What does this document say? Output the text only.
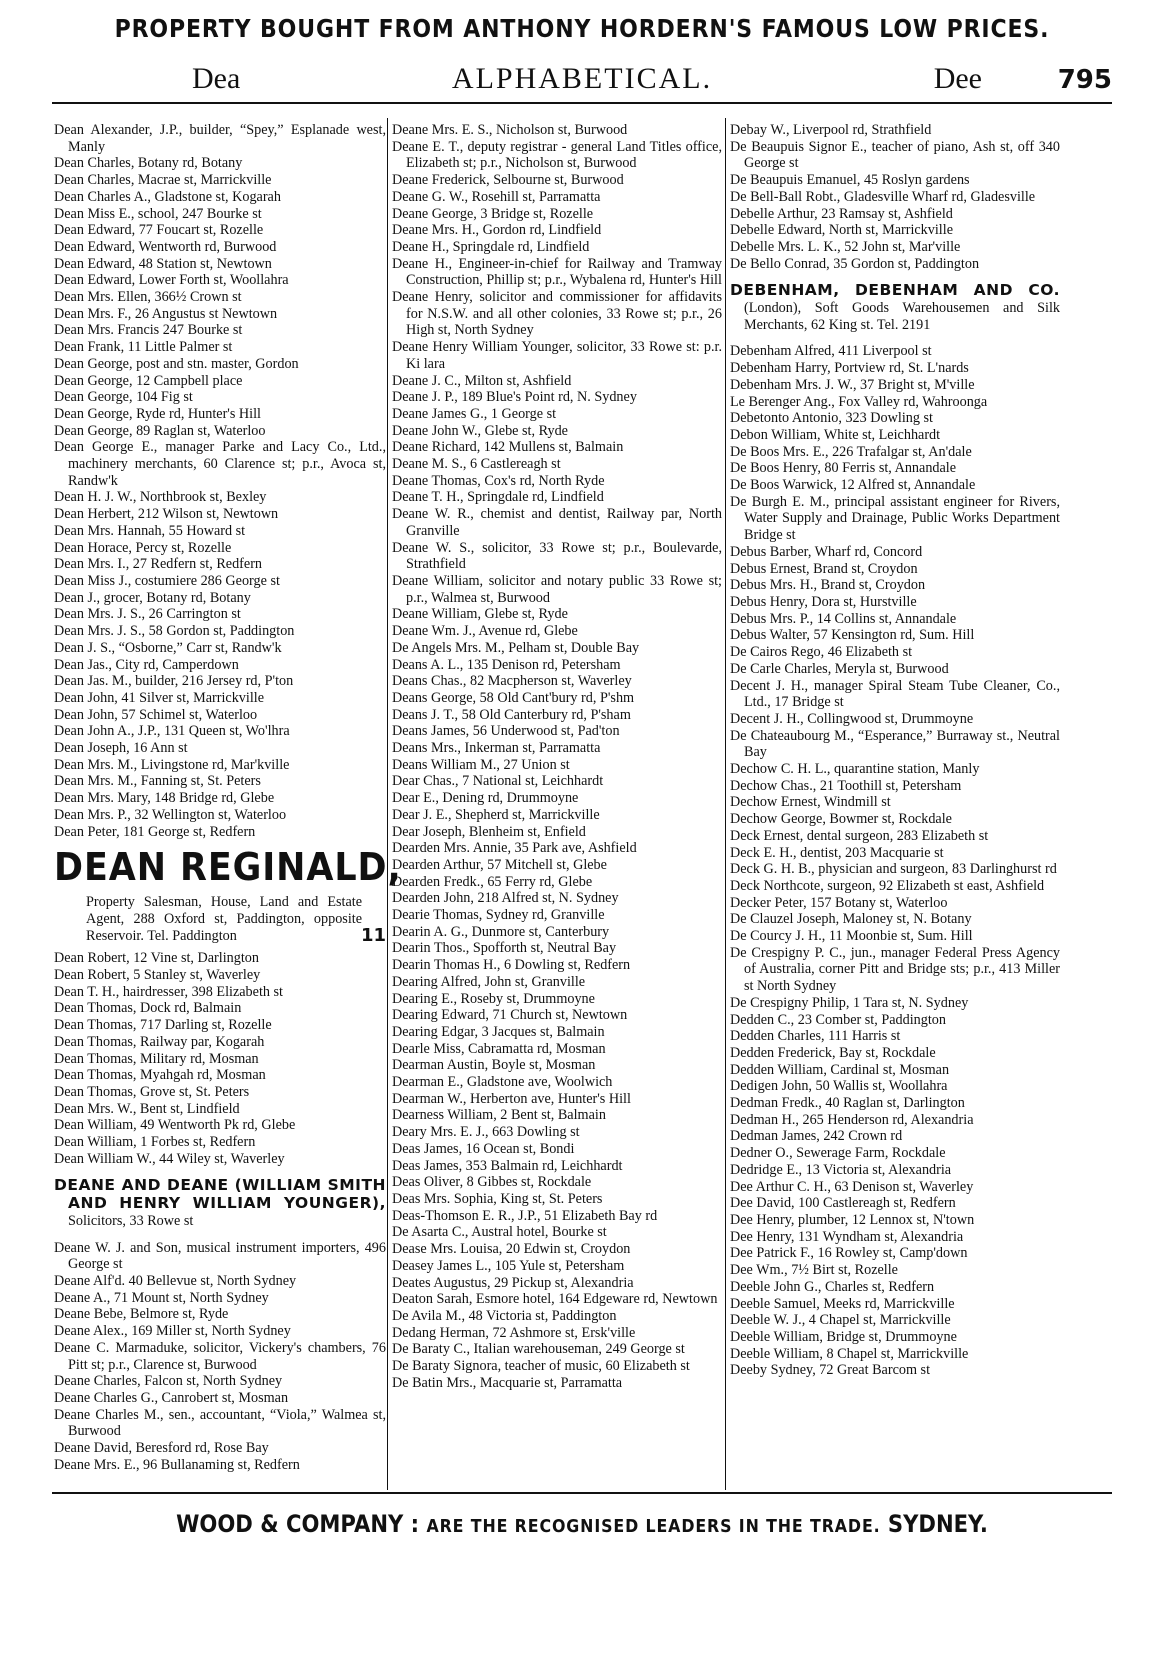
PROPERTY BOUGHT FROM ANTHONY HORDERN'S FAMOUS LOW PRICES.
Dea	ALPHABETICAL.	Dee	795
Dean Alexander, J.P., builder, “Spey,” Esplanade west, Manly
Dean Charles, Botany rd, Botany
Dean Charles, Macrae st, Marrickville
Dean Charles A., Gladstone st, Kogarah
Dean Miss E., school, 247 Bourke st
Dean Edward, 77 Foucart st, Rozelle
Dean Edward, Wentworth rd, Burwood
Dean Edward, 48 Station st, Newtown
Dean Edward, Lower Forth st, Woollahra
Dean Mrs. Ellen, 366½ Crown st
Dean Mrs. F., 26 Angustus st Newtown
Dean Mrs. Francis 247 Bourke st
Dean Frank, 11 Little Palmer st
Dean George, post and stn. master, Gordon
Dean George, 12 Campbell place
Dean George, 104 Fig st
Dean George, Ryde rd, Hunter's Hill
Dean George, 89 Raglan st, Waterloo
Dean George E., manager Parke and Lacy Co., Ltd., machinery merchants, 60 Clarence st; p.r., Avoca st, Randw'k
Dean H. J. W., Northbrook st, Bexley
Dean Herbert, 212 Wilson st, Newtown
Dean Mrs. Hannah, 55 Howard st
Dean Horace, Percy st, Rozelle
Dean Mrs. I., 27 Redfern st, Redfern
Dean Miss J., costumiere 286 George st
Dean J., grocer, Botany rd, Botany
Dean Mrs. J. S., 26 Carrington st
Dean Mrs. J. S., 58 Gordon st, Paddington
Dean J. S., “Osborne,” Carr st, Randw'k
Dean Jas., City rd, Camperdown
Dean Jas. M., builder, 216 Jersey rd, P'ton
Dean John, 41 Silver st, Marrickville
Dean John, 57 Schimel st, Waterloo
Dean John A., J.P., 131 Queen st, Wo'lhra
Dean Joseph, 16 Ann st
Dean Mrs. M., Livingstone rd, Mar'kville
Dean Mrs. M., Fanning st, St. Peters
Dean Mrs. Mary, 148 Bridge rd, Glebe
Dean Mrs. P., 32 Wellington st, Waterloo
Dean Peter, 181 George st, Redfern
DEAN REGINALD,
Property Salesman, House, Land and Estate Agent, 288 Oxford st, Paddington, opposite Reservoir. Tel. Paddington	11
Dean Robert, 12 Vine st, Darlington
Dean Robert, 5 Stanley st, Waverley
Dean T. H., hairdresser, 398 Elizabeth st
Dean Thomas, Dock rd, Balmain
Dean Thomas, 717 Darling st, Rozelle
Dean Thomas, Railway par, Kogarah
Dean Thomas, Military rd, Mosman
Dean Thomas, Myahgah rd, Mosman
Dean Thomas, Grove st, St. Peters
Dean Mrs. W., Bent st, Lindfield
Dean William, 49 Wentworth Pk rd, Glebe
Dean William, 1 Forbes st, Redfern
Dean William W., 44 Wiley st, Waverley
DEANE AND DEANE (WILLIAM SMITH AND HENRY WILLIAM YOUNGER), Solicitors, 33 Rowe st
Deane W. J. and Son, musical instrument importers, 496 George st
Deane Alf'd. 40 Bellevue st, North Sydney
Deane A., 71 Mount st, North Sydney
Deane Bebe, Belmore st, Ryde
Deane Alex., 169 Miller st, North Sydney
Deane C. Marmaduke, solicitor, Vickery's chambers, 76 Pitt st; p.r., Clarence st, Burwood
Deane Charles, Falcon st, North Sydney
Deane Charles G., Canrobert st, Mosman
Deane Charles M., sen., accountant, “Viola,” Walmea st, Burwood
Deane David, Beresford rd, Rose Bay
Deane Mrs. E., 96 Bullanaming st, Redfern
Deane Mrs. E. S., Nicholson st, Burwood
Deane E. T., deputy registrar - general Land Titles office, Elizabeth st; p.r., Nicholson st, Burwood
Deane Frederick, Selbourne st, Burwood
Deane G. W., Rosehill st, Parramatta
Deane George, 3 Bridge st, Rozelle
Deane Mrs. H., Gordon rd, Lindfield
Deane H., Springdale rd, Lindfield
Deane H., Engineer-in-chief for Railway and Tramway Construction, Phillip st; p.r., Wybalena rd, Hunter's Hill
Deane Henry, solicitor and commissioner for affidavits for N.S.W. and all other colonies, 33 Rowe st; p.r., 26 High st, North Sydney
Deane Henry William Younger, solicitor, 33 Rowe st: p.r. Ki lara
Deane J. C., Milton st, Ashfield
Deane J. P., 189 Blue's Point rd, N. Sydney
Deane James G., 1 George st
Deane John W., Glebe st, Ryde
Deane Richard, 142 Mullens st, Balmain
Deane M. S., 6 Castlereagh st
Deane Thomas, Cox's rd, North Ryde
Deane T. H., Springdale rd, Lindfield
Deane W. R., chemist and dentist, Railway par, North Granville
Deane W. S., solicitor, 33 Rowe st; p.r., Boulevarde, Strathfield
Deane William, solicitor and notary public 33 Rowe st; p.r., Walmea st, Burwood
Deane William, Glebe st, Ryde
Deane Wm. J., Avenue rd, Glebe
De Angels Mrs. M., Pelham st, Double Bay
Deans A. L., 135 Denison rd, Petersham
Deans Chas., 82 Macpherson st, Waverley
Deans George, 58 Old Cant'bury rd, P'shm
Deans J. T., 58 Old Canterbury rd, P'sham
Deans James, 56 Underwood st, Pad'ton
Deans Mrs., Inkerman st, Parramatta
Deans William M., 27 Union st
Dear Chas., 7 National st, Leichhardt
Dear E., Dening rd, Drummoyne
Dear J. E., Shepherd st, Marrickville
Dear Joseph, Blenheim st, Enfield
Dearden Mrs. Annie, 35 Park ave, Ashfield
Dearden Arthur, 57 Mitchell st, Glebe
Dearden Fredk., 65 Ferry rd, Glebe
Dearden John, 218 Alfred st, N. Sydney
Dearie Thomas, Sydney rd, Granville
Dearin A. G., Dunmore st, Canterbury
Dearin Thos., Spofforth st, Neutral Bay
Dearin Thomas H., 6 Dowling st, Redfern
Dearing Alfred, John st, Granville
Dearing E., Roseby st, Drummoyne
Dearing Edward, 71 Church st, Newtown
Dearing Edgar, 3 Jacques st, Balmain
Dearle Miss, Cabramatta rd, Mosman
Dearman Austin, Boyle st, Mosman
Dearman E., Gladstone ave, Woolwich
Dearman W., Herberton ave, Hunter's Hill
Dearness William, 2 Bent st, Balmain
Deary Mrs. E. J., 663 Dowling st
Deas James, 16 Ocean st, Bondi
Deas James, 353 Balmain rd, Leichhardt
Deas Oliver, 8 Gibbes st, Rockdale
Deas Mrs. Sophia, King st, St. Peters
Deas-Thomson E. R., J.P., 51 Elizabeth Bay rd
De Asarta C., Austral hotel, Bourke st
Dease Mrs. Louisa, 20 Edwin st, Croydon
Deasey James L., 105 Yule st, Petersham
Deates Augustus, 29 Pickup st, Alexandria
Deaton Sarah, Esmore hotel, 164 Edgeware rd, Newtown
De Avila M., 48 Victoria st, Paddington
Dedang Herman, 72 Ashmore st, Ersk'ville
De Baraty C., Italian warehouseman, 249 George st
De Baraty Signora, teacher of music, 60 Elizabeth st
De Batin Mrs., Macquarie st, Parramatta
Debay W., Liverpool rd, Strathfield
De Beaupuis Signor E., teacher of piano, Ash st, off 340 George st
De Beaupuis Emanuel, 45 Roslyn gardens
De Bell-Ball Robt., Gladesville Wharf rd, Gladesville
Debelle Arthur, 23 Ramsay st, Ashfield
Debelle Edward, North st, Marrickville
Debelle Mrs. L. K., 52 John st, Mar'ville
De Bello Conrad, 35 Gordon st, Paddington
DEBENHAM, DEBENHAM AND CO. (London), Soft Goods Warehousemen and Silk Merchants, 62 King st. Tel. 2191
Debenham Alfred, 411 Liverpool st
Debenham Harry, Portview rd, St. L'nards
Debenham Mrs. J. W., 37 Bright st, M'ville
Le Berenger Ang., Fox Valley rd, Wahroonga
Debetonto Antonio, 323 Dowling st
Debon William, White st, Leichhardt
De Boos Mrs. E., 226 Trafalgar st, An'dale
De Boos Henry, 80 Ferris st, Annandale
De Boos Warwick, 12 Alfred st, Annandale
De Burgh E. M., principal assistant engineer for Rivers, Water Supply and Drainage, Public Works Department Bridge st
Debus Barber, Wharf rd, Concord
Debus Ernest, Brand st, Croydon
Debus Mrs. H., Brand st, Croydon
Debus Henry, Dora st, Hurstville
Debus Mrs. P., 14 Collins st, Annandale
Debus Walter, 57 Kensington rd, Sum. Hill
De Cairos Rego, 46 Elizabeth st
De Carle Charles, Meryla st, Burwood
Decent J. H., manager Spiral Steam Tube Cleaner, Co., Ltd., 17 Bridge st
Decent J. H., Collingwood st, Drummoyne
De Chateaubourg M., “Esperance,” Burraway st., Neutral Bay
Dechow C. H. L., quarantine station, Manly
Dechow Chas., 21 Toothill st, Petersham
Dechow Ernest, Windmill st
Dechow George, Bowmer st, Rockdale
Deck Ernest, dental surgeon, 283 Elizabeth st
Deck E. H., dentist, 203 Macquarie st
Deck G. H. B., physician and surgeon, 83 Darlinghurst rd
Deck Northcote, surgeon, 92 Elizabeth st east, Ashfield
Decker Peter, 157 Botany st, Waterloo
De Clauzel Joseph, Maloney st, N. Botany
De Courcy J. H., 11 Moonbie st, Sum. Hill
De Crespigny P. C., jun., manager Federal Press Agency of Australia, corner Pitt and Bridge sts; p.r., 413 Miller st North Sydney
De Crespigny Philip, 1 Tara st, N. Sydney
Dedden C., 23 Comber st, Paddington
Dedden Charles, 111 Harris st
Dedden Frederick, Bay st, Rockdale
Dedden William, Cardinal st, Mosman
Dedigen John, 50 Wallis st, Woollahra
Dedman Fredk., 40 Raglan st, Darlington
Dedman H., 265 Henderson rd, Alexandria
Dedman James, 242 Crown rd
Dedner O., Sewerage Farm, Rockdale
Dedridge E., 13 Victoria st, Alexandria
Dee Arthur C. H., 63 Denison st, Waverley
Dee David, 100 Castlereagh st, Redfern
Dee Henry, plumber, 12 Lennox st, N'town
Dee Henry, 131 Wyndham st, Alexandria
Dee Patrick F., 16 Rowley st, Camp'down
Dee Wm., 7½ Birt st, Rozelle
Deeble John G., Charles st, Redfern
Deeble Samuel, Meeks rd, Marrickville
Deeble W. J., 4 Chapel st, Marrickville
Deeble William, Bridge st, Drummoyne
Deeble William, 8 Chapel st, Marrickville
Deeby Sydney, 72 Great Barcom st
WOOD & COMPANY : ARE THE RECOGNISED LEADERS IN THE TRADE. SYDNEY.
